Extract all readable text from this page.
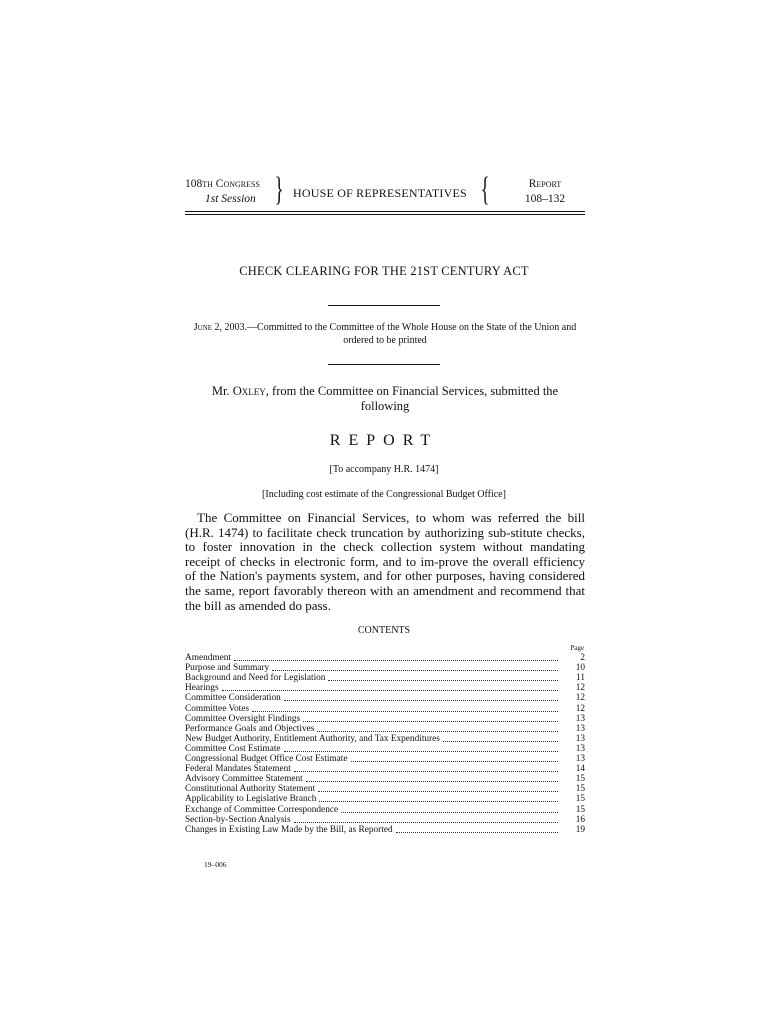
108th Congress
1st Session } HOUSE OF REPRESENTATIVES {	Report
108–132
CHECK CLEARING FOR THE 21ST CENTURY ACT
June 2, 2003.—Committed to the Committee of the Whole House on the State of the Union and ordered to be printed
Mr. Oxley, from the Committee on Financial Services, submitted the following
REPORT
[To accompany H.R. 1474]
[Including cost estimate of the Congressional Budget Office]
The Committee on Financial Services, to whom was referred the bill (H.R. 1474) to facilitate check truncation by authorizing sub-stitute checks, to foster innovation in the check collection system without mandating receipt of checks in electronic form, and to im-prove the overall efficiency of the Nation's payments system, and for other purposes, having considered the same, report favorably thereon with an amendment and recommend that the bill as amended do pass.
CONTENTS
Page
Amendment	2
Purpose and Summary	10
Background and Need for Legislation	11
Hearings	12
Committee Consideration	12
Committee Votes	12
Committee Oversight Findings	13
Performance Goals and Objectives	13
New Budget Authority, Entitlement Authority, and Tax Expenditures	13
Committee Cost Estimate	13
Congressional Budget Office Cost Estimate	13
Federal Mandates Statement	14
Advisory Committee Statement	15
Constitutional Authority Statement	15
Applicability to Legislative Branch	15
Exchange of Committee Correspondence	15
Section-by-Section Analysis	16
Changes in Existing Law Made by the Bill, as Reported	19
19–006
